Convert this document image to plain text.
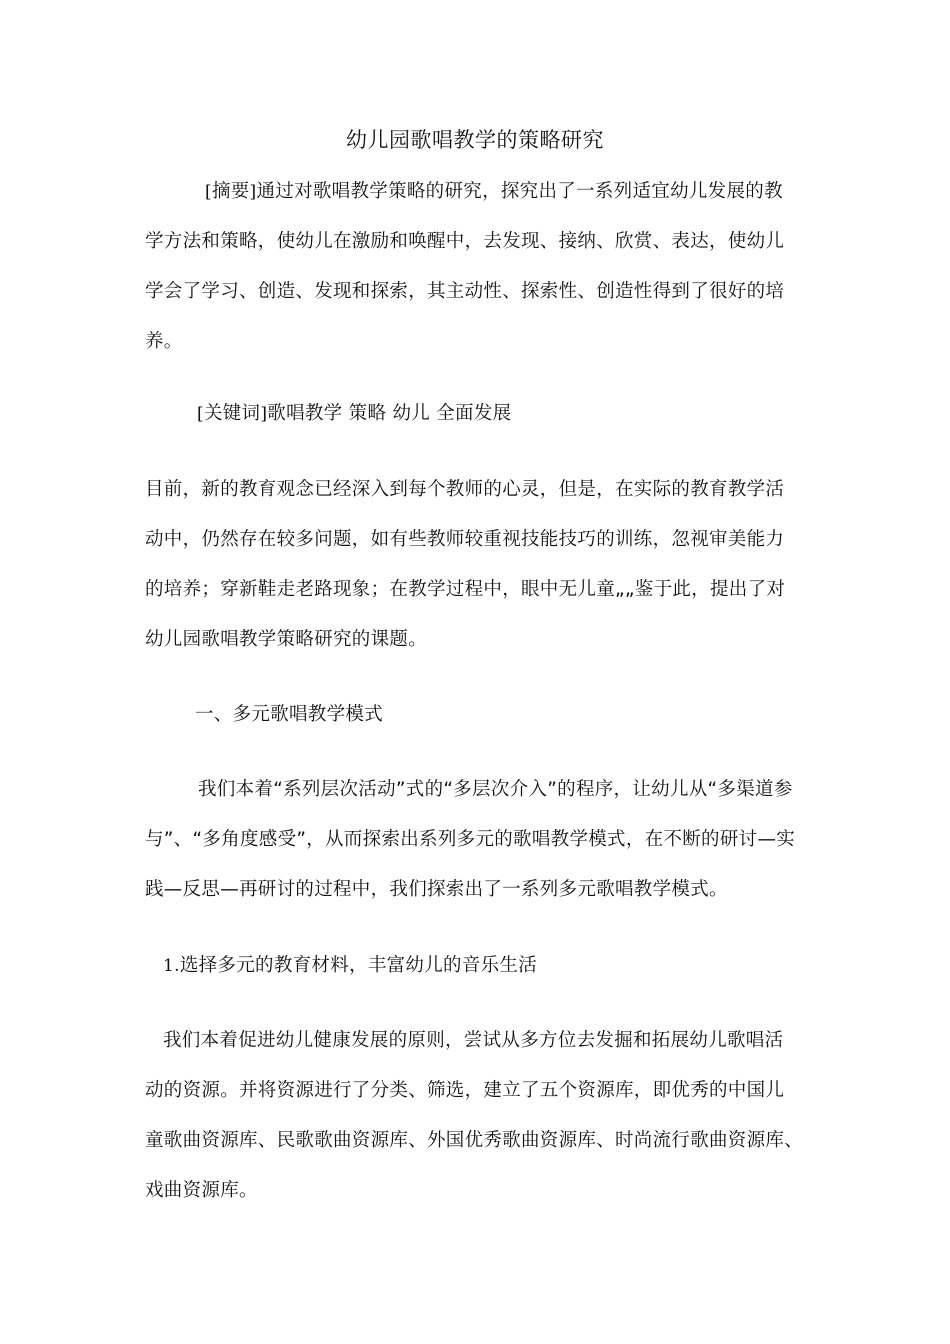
幼儿园歌唱教学的策略研究
[摘要]通过对歌唱教学策略的研究，探究出了一系列适宜幼儿发展的教
学方法和策略，使幼儿在激励和唤醒中，去发现、接纳、欣赏、表达，使幼儿
学会了学习、创造、发现和探索，其主动性、探索性、创造性得到了很好的培
养。
[关键词]歌唱教学 策略 幼儿 全面发展
目前，新的教育观念已经深入到每个教师的心灵，但是，在实际的教育教学活
动中，仍然存在较多问题，如有些教师较重视技能技巧的训练，忽视审美能力
的培养；穿新鞋走老路现象；在教学过程中，眼中无儿童„„鉴于此，提出了对
幼儿园歌唱教学策略研究的课题。
一、多元歌唱教学模式
我们本着“系列层次活动”式的“多层次介入”的程序，让幼儿从“多渠道参
与”、“多角度感受”，从而探索出系列多元的歌唱教学模式，在不断的研讨—实
践—反思—再研讨的过程中，我们探索出了一系列多元歌唱教学模式。
1.选择多元的教育材料，丰富幼儿的音乐生活
我们本着促进幼儿健康发展的原则，尝试从多方位去发掘和拓展幼儿歌唱活
动的资源。并将资源进行了分类、筛选，建立了五个资源库，即优秀的中国儿
童歌曲资源库、民歌歌曲资源库、外国优秀歌曲资源库、时尚流行歌曲资源库、
戏曲资源库。
